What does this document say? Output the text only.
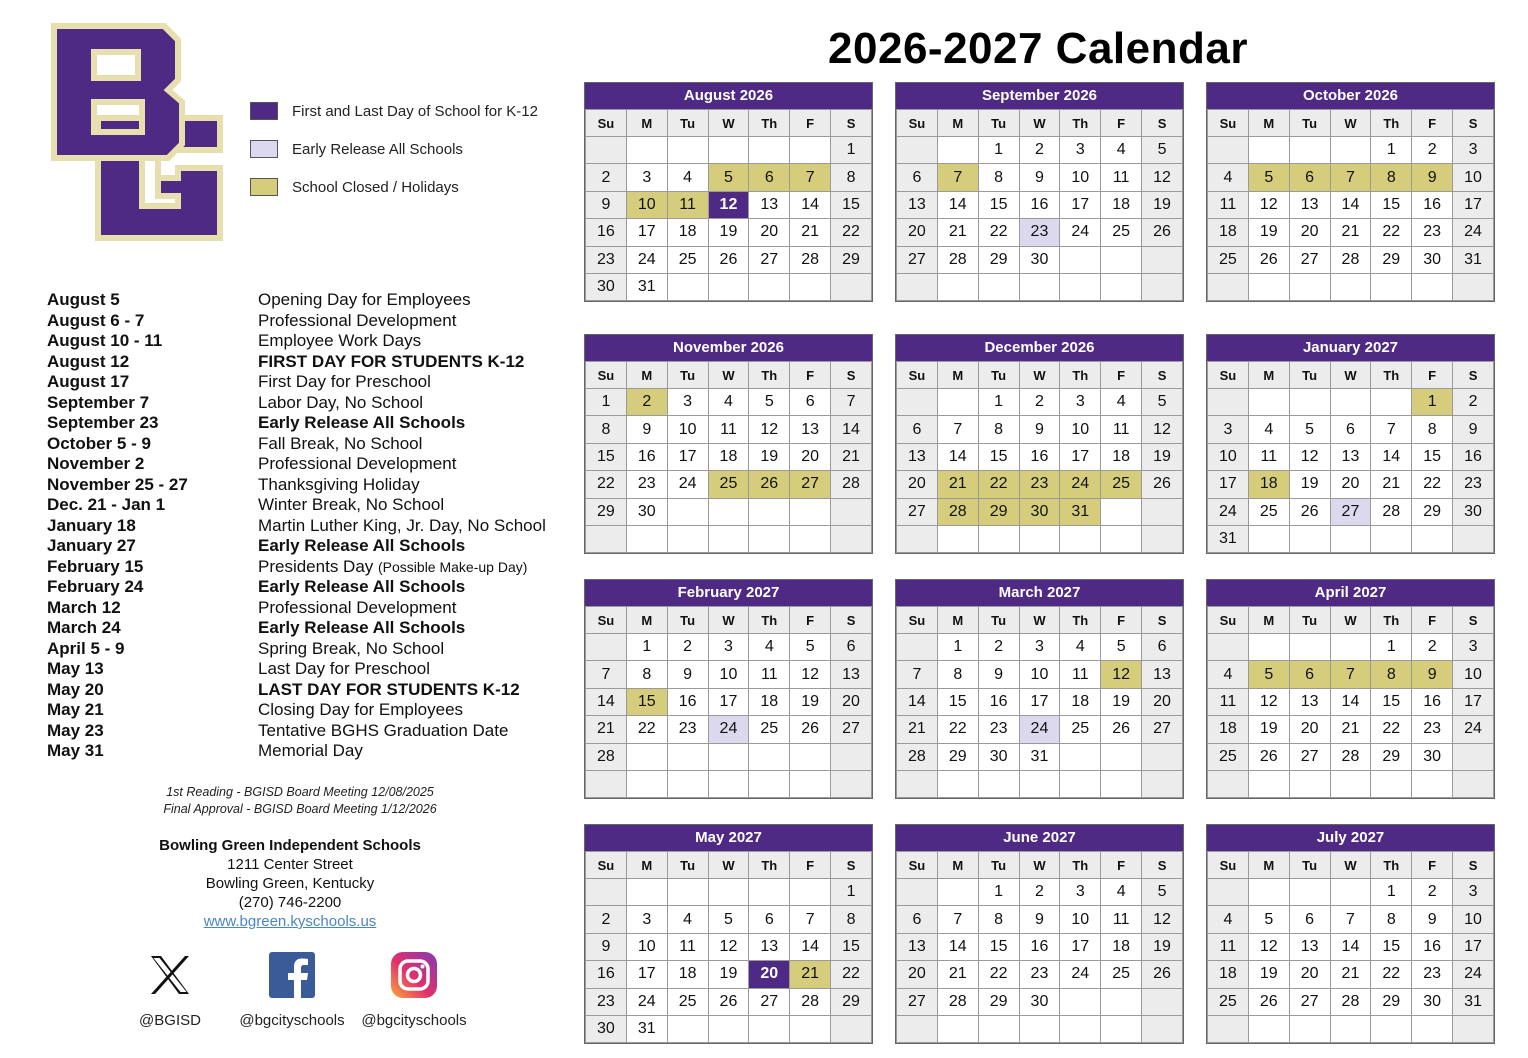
First and Last Day of School for K-12
Early Release All Schools
School Closed / Holidays
2026-2027 Calendar
August 5	Opening Day for Employees
August 6 - 7	Professional Development
August 10 - 11	Employee Work Days
August 12	FIRST DAY FOR STUDENTS K-12
August 17	First Day for Preschool
September 7	Labor Day, No School
September 23	Early Release All Schools
October 5 - 9	Fall Break, No School
November 2	Professional Development
November 25 - 27	Thanksgiving Holiday
Dec. 21 - Jan 1	Winter Break, No School
January 18	Martin Luther King, Jr. Day, No School
January 27	Early Release All Schools
February 15	Presidents Day (Possible Make-up Day)
February 24	Early Release All Schools
March 12	Professional Development
March 24	Early Release All Schools
April 5 - 9	Spring Break, No School
May 13	Last Day for Preschool
May 20	LAST DAY FOR STUDENTS K-12
May 21	Closing Day for Employees
May 23	Tentative BGHS Graduation Date
May 31	Memorial Day
1st Reading - BGISD Board Meeting 12/08/2025
Final Approval - BGISD Board Meeting 1/12/2026
Bowling Green Independent Schools
1211 Center Street
Bowling Green, Kentucky
(270) 746-2200
www.bgreen.kyschools.us
@BGISD	@bgcityschools @bgcityschools
August 2026
Su	M	Tu	W	Th	F	S
						1
2	3	4	5	6	7	8
9	10	11	12	13	14	15
16	17	18	19	20	21	22
23	24	25	26	27	28	29
30	31					
September 2026
Su	M	Tu	W	Th	F	S
		1	2	3	4	5
6	7	8	9	10	11	12
13	14	15	16	17	18	19
20	21	22	23	24	25	26
27	28	29	30			

October 2026
Su	M	Tu	W	Th	F	S
				1	2	3
4	5	6	7	8	9	10
11	12	13	14	15	16	17
18	19	20	21	22	23	24
25	26	27	28	29	30	31

November 2026
Su	M	Tu	W	Th	F	S
1	2	3	4	5	6	7
8	9	10	11	12	13	14
15	16	17	18	19	20	21
22	23	24	25	26	27	28
29	30					

December 2026
Su	M	Tu	W	Th	F	S
		1	2	3	4	5
6	7	8	9	10	11	12
13	14	15	16	17	18	19
20	21	22	23	24	25	26
27	28	29	30	31		

January 2027
Su	M	Tu	W	Th	F	S
					1	2
3	4	5	6	7	8	9
10	11	12	13	14	15	16
17	18	19	20	21	22	23
24	25	26	27	28	29	30
31						
February 2027
Su	M	Tu	W	Th	F	S
	1	2	3	4	5	6
7	8	9	10	11	12	13
14	15	16	17	18	19	20
21	22	23	24	25	26	27
28						

March 2027
Su	M	Tu	W	Th	F	S
	1	2	3	4	5	6
7	8	9	10	11	12	13
14	15	16	17	18	19	20
21	22	23	24	25	26	27
28	29	30	31			

April 2027
Su	M	Tu	W	Th	F	S
				1	2	3
4	5	6	7	8	9	10
11	12	13	14	15	16	17
18	19	20	21	22	23	24
25	26	27	28	29	30	

May 2027
Su	M	Tu	W	Th	F	S
						1
2	3	4	5	6	7	8
9	10	11	12	13	14	15
16	17	18	19	20	21	22
23	24	25	26	27	28	29
30	31					
June 2027
Su	M	Tu	W	Th	F	S
		1	2	3	4	5
6	7	8	9	10	11	12
13	14	15	16	17	18	19
20	21	22	23	24	25	26
27	28	29	30			

July 2027
Su	M	Tu	W	Th	F	S
				1	2	3
4	5	6	7	8	9	10
11	12	13	14	15	16	17
18	19	20	21	22	23	24
25	26	27	28	29	30	31
